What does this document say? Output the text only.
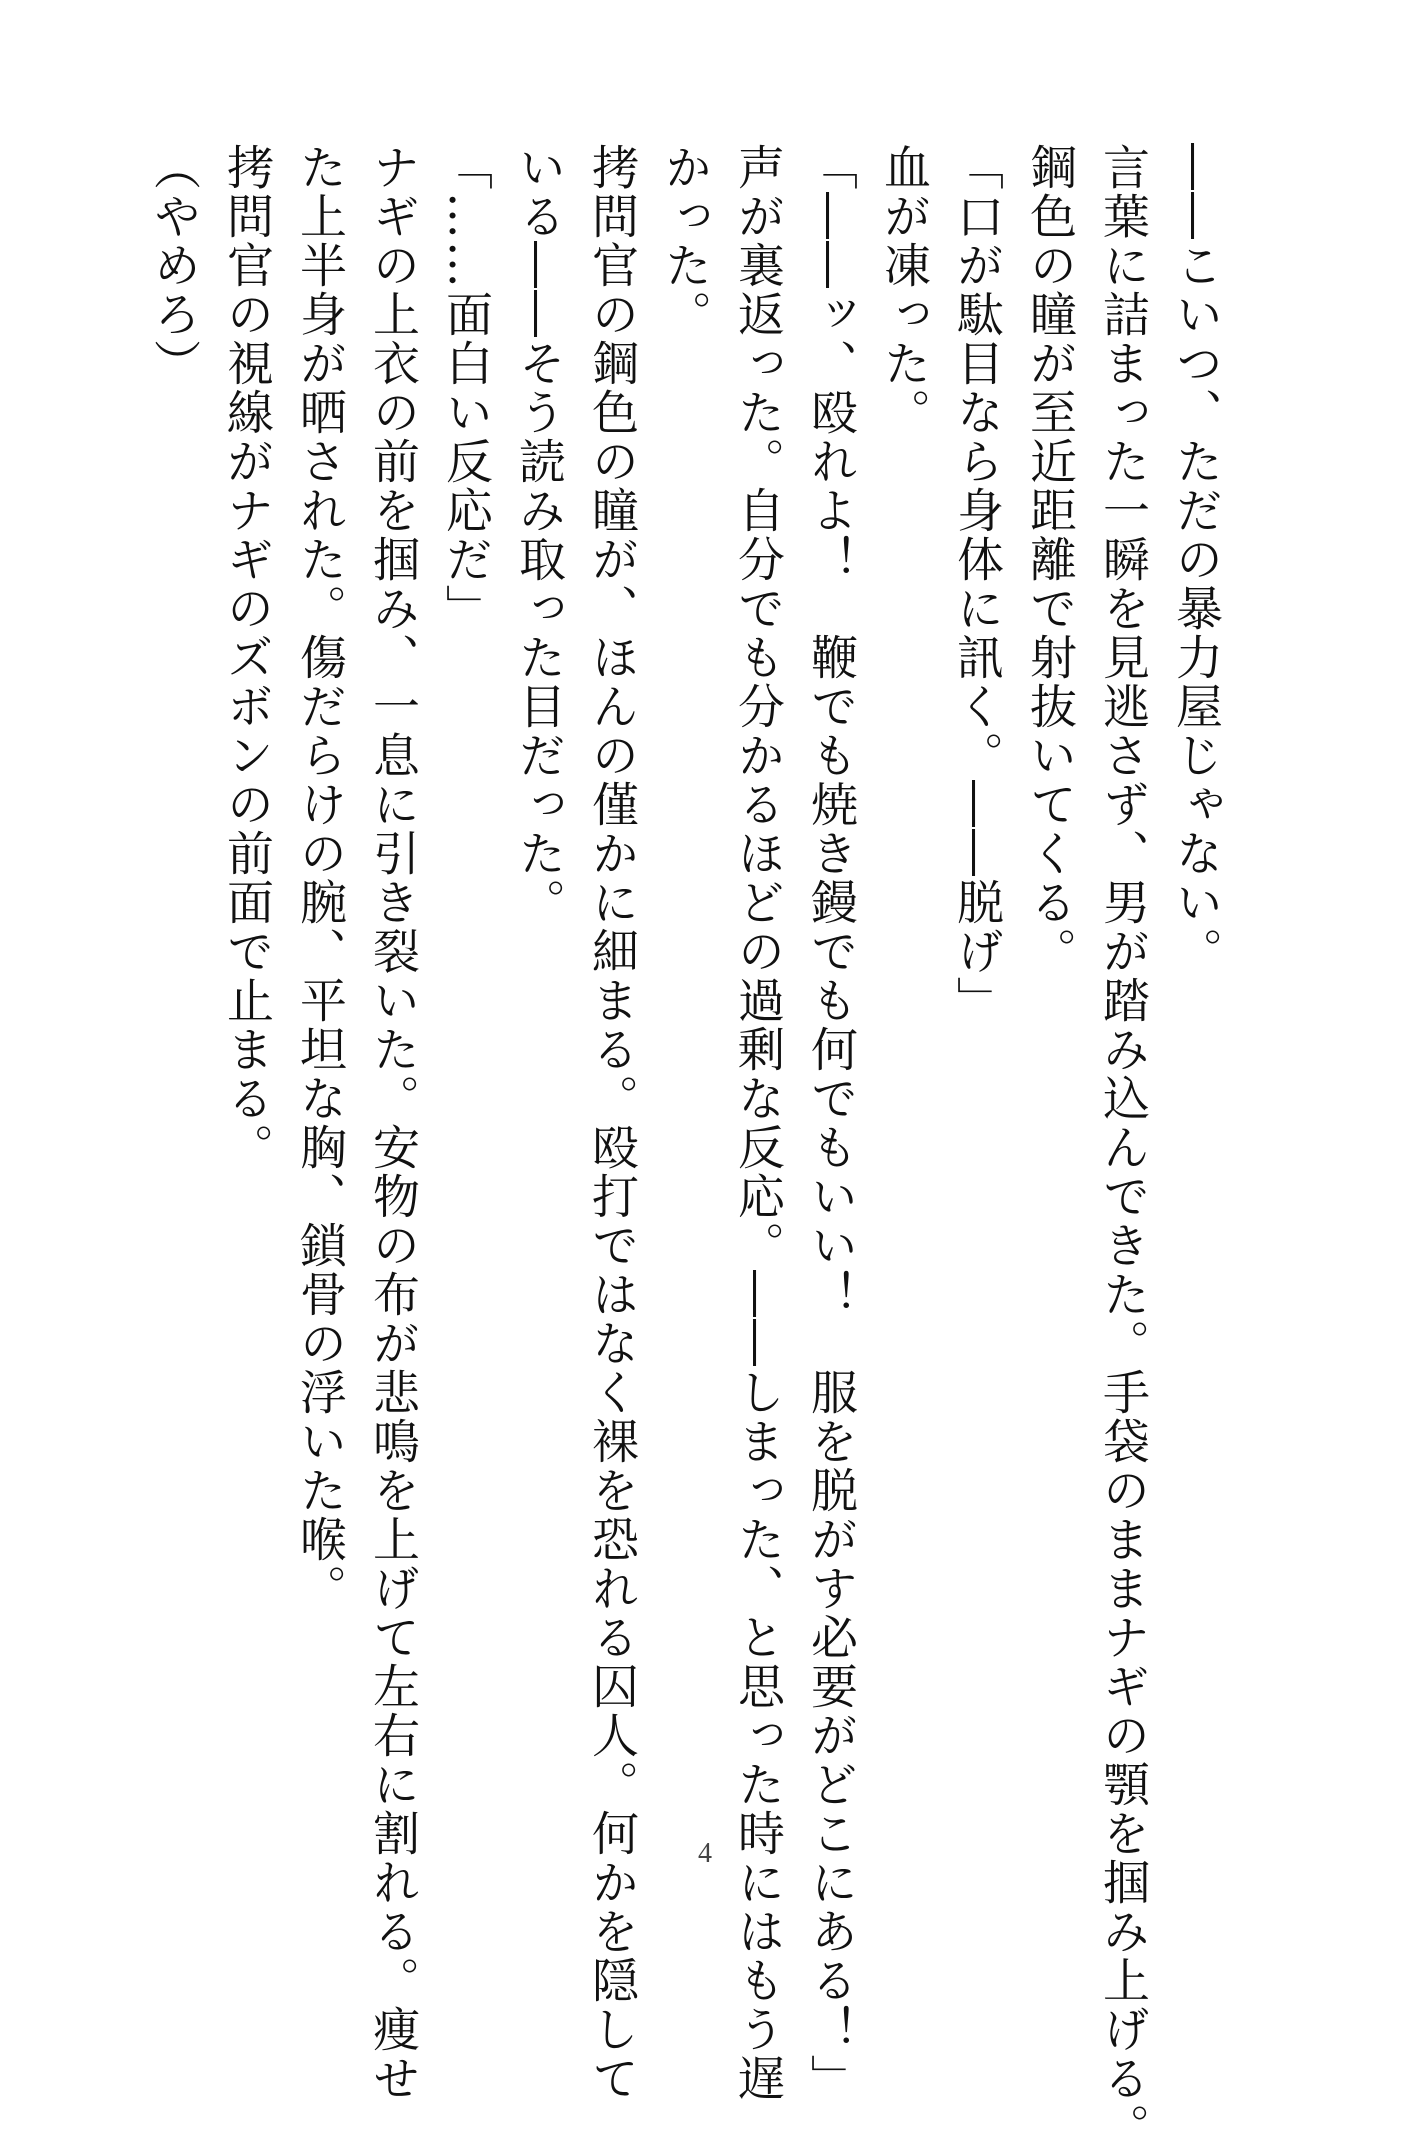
――こいつ、ただの暴力屋じゃない。
言葉に詰まった一瞬を見逃さず、男が踏み込んできた。手袋のままナギの顎を掴み上げる。
鋼色の瞳が至近距離で射抜いてくる。
「口が駄目なら身体に訊く。――脱げ」
血が凍った。
「――ッ、殴れよ！　鞭でも焼き鏝でも何でもいい！　服を脱がす必要がどこにある！」
声が裏返った。自分でも分かるほどの過剰な反応。――しまった、と思った時にはもう遅
かった。
拷問官の鋼色の瞳が、ほんの僅かに細まる。殴打ではなく裸を恐れる囚人。何かを隠して
いる――そう読み取った目だった。
「……面白い反応だ」
ナギの上衣の前を掴み、一息に引き裂いた。安物の布が悲鳴を上げて左右に割れる。痩せ
た上半身が晒された。傷だらけの腕、平坦な胸、鎖骨の浮いた喉。
拷問官の視線がナギのズボンの前面で止まる。
（やめろ）
4
